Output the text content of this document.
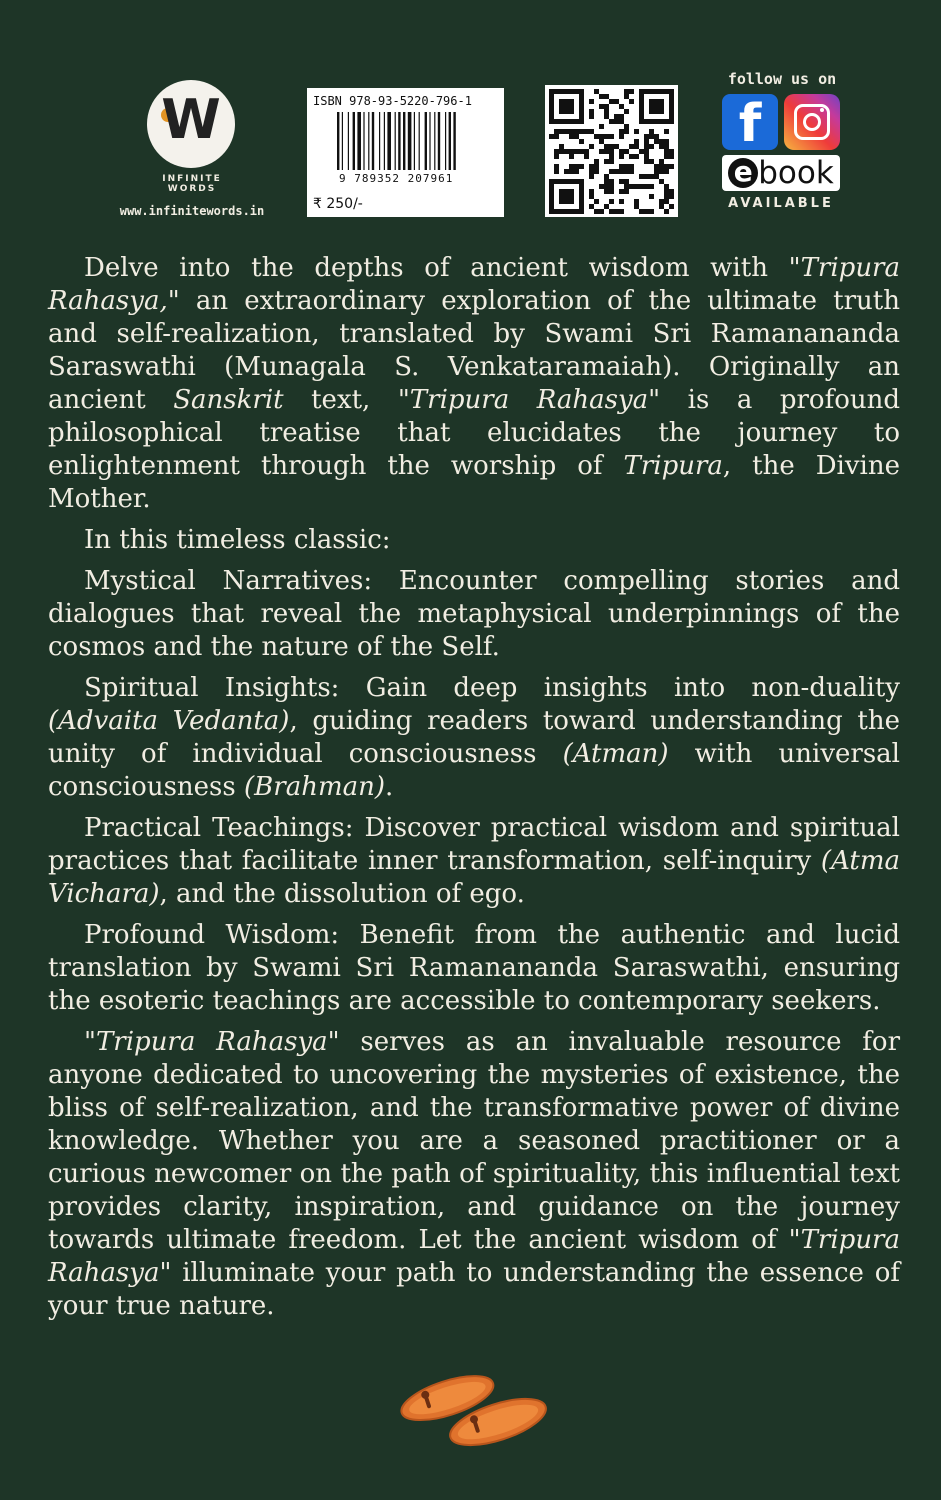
W
INFINITE
WORDS
www.infinitewords.in
ISBN 978-93-5220-796-1
9 789352 207961
₹ 250/-
follow us on
f
e book
AVAILABLE

Delve into the depths of ancient wisdom with "Tripura Rahasya," an extraordinary exploration of the ultimate truth and self-realization, translated by Swami Sri Ramanananda Saraswathi (Munagala S. Venkataramaiah). Originally an ancient Sanskrit text, "Tripura Rahasya" is a profound philosophical treatise that elucidates the journey to enlightenment through the worship of Tripura, the Divine Mother.

In this timeless classic:

Mystical Narratives: Encounter compelling stories and dialogues that reveal the metaphysical underpinnings of the cosmos and the nature of the Self.

Spiritual Insights: Gain deep insights into non-duality (Advaita Vedanta), guiding readers toward understanding the unity of individual consciousness (Atman) with universal consciousness (Brahman).

Practical Teachings: Discover practical wisdom and spiritual practices that facilitate inner transformation, self-inquiry (Atma Vichara), and the dissolution of ego.

Profound Wisdom: Benefit from the authentic and lucid translation by Swami Sri Ramanananda Saraswathi, ensuring the esoteric teachings are accessible to contemporary seekers.

"Tripura Rahasya" serves as an invaluable resource for anyone dedicated to uncovering the mysteries of existence, the bliss of self-realization, and the transformative power of divine knowledge. Whether you are a seasoned practitioner or a curious newcomer on the path of spirituality, this influential text provides clarity, inspiration, and guidance on the journey towards ultimate freedom. Let the ancient wisdom of "Tripura Rahasya" illuminate your path to understanding the essence of your true nature.
